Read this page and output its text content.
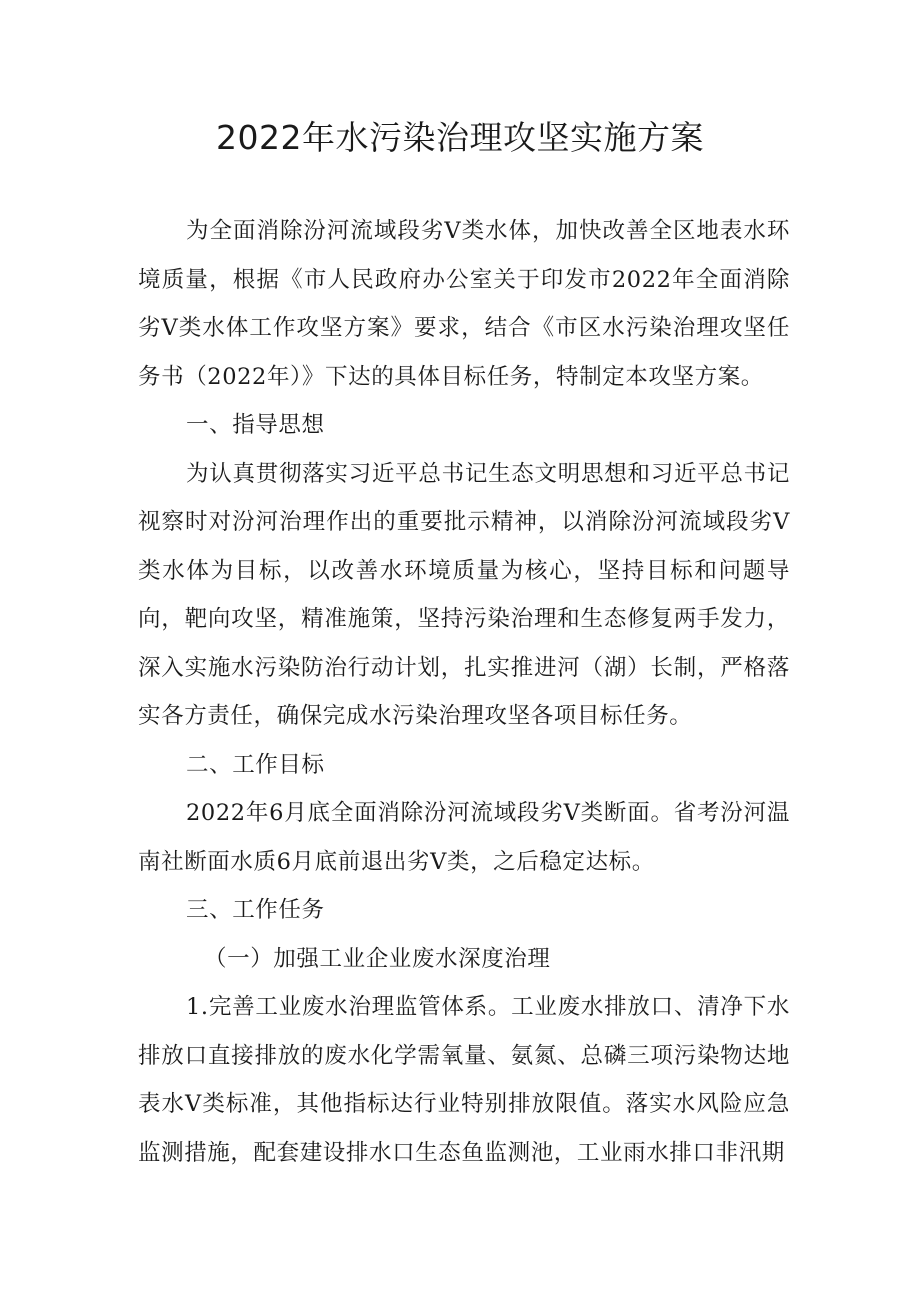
2022年水污染治理攻坚实施方案

为全面消除汾河流域段劣Ⅴ类水体，加快改善全区地表水环境质量，根据《市人民政府办公室关于印发市2022年全面消除劣Ⅴ类水体工作攻坚方案》要求，结合《市区水污染治理攻坚任务书（2022年）》下达的具体目标任务，特制定本攻坚方案。

一、指导思想

为认真贯彻落实习近平总书记生态文明思想和习近平总书记视察时对汾河治理作出的重要批示精神，以消除汾河流域段劣Ⅴ类水体为目标，以改善水环境质量为核心，坚持目标和问题导向，靶向攻坚，精准施策，坚持污染治理和生态修复两手发力，深入实施水污染防治行动计划，扎实推进河（湖）长制，严格落实各方责任，确保完成水污染治理攻坚各项目标任务。

二、工作目标

2022年6月底全面消除汾河流域段劣Ⅴ类断面。省考汾河温南社断面水质6月底前退出劣Ⅴ类，之后稳定达标。

三、工作任务

（一）加强工业企业废水深度治理

1.完善工业废水治理监管体系。工业废水排放口、清净下水排放口直接排放的废水化学需氧量、氨氮、总磷三项污染物达地表水Ⅴ类标准，其他指标达行业特别排放限值。落实水风险应急监测措施，配套建设排水口生态鱼监测池，工业雨水排口非汛期
